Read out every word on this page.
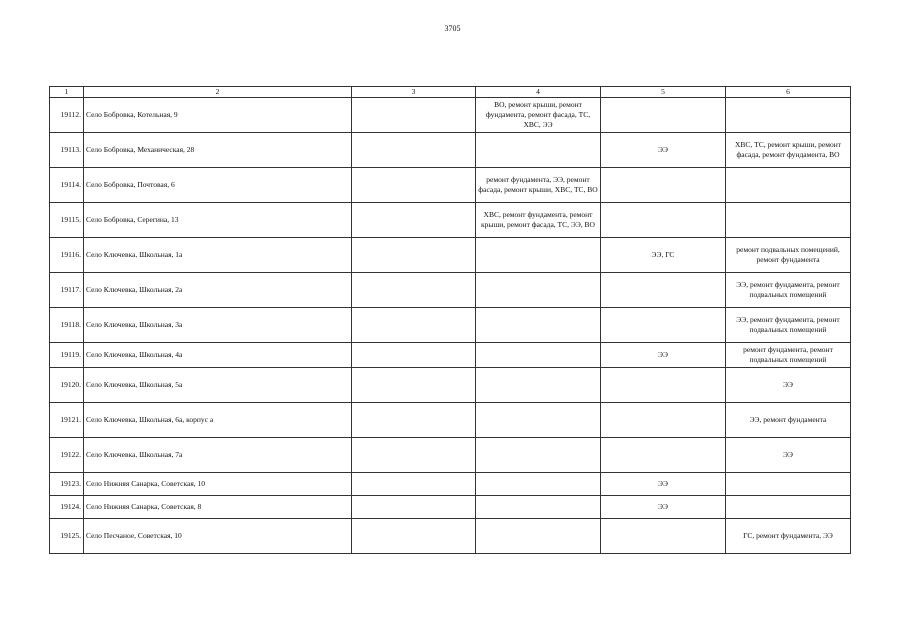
3705
1	2	3	4	5	6
19112.	Село Бобровка, Котельная, 9		ВО, ремонт крыши, ремонт фундамента, ремонт фасада, ТС, ХВС, ЭЭ		
19113.	Село Бобровка, Механическая, 28			ЭЭ	ХВС, ТС, ремонт крыши, ремонт фасада, ремонт фундамента, ВО
19114.	Село Бобровка, Почтовая, 6		ремонт фундамента, ЭЭ, ремонт фасада, ремонт крыши, ХВС, ТС, ВО		
19115.	Село Бобровка, Серегина, 13		ХВС, ремонт фундамента, ремонт крыши, ремонт фасада, ТС, ЭЭ, ВО		
19116.	Село Ключевка, Школьная, 1а			ЭЭ, ГС	ремонт подвальных помещений, ремонт фундамента
19117.	Село Ключевка, Школьная, 2а				ЭЭ, ремонт фундамента, ремонт подвальных помещений
19118.	Село Ключевка, Школьная, 3а				ЭЭ, ремонт фундамента, ремонт подвальных помещений
19119.	Село Ключевка, Школьная, 4а			ЭЭ	ремонт фундамента, ремонт подвальных помещений
19120.	Село Ключевка, Школьная, 5а				ЭЭ
19121.	Село Ключевка, Школьная, 6а, корпус а				ЭЭ, ремонт фундамента
19122.	Село Ключевка, Школьная, 7а				ЭЭ
19123.	Село Нижняя Санарка, Советская, 10			ЭЭ	
19124.	Село Нижняя Санарка, Советская, 8			ЭЭ	
19125.	Село Песчаное, Советская, 10				ГС, ремонт фундамента, ЭЭ
